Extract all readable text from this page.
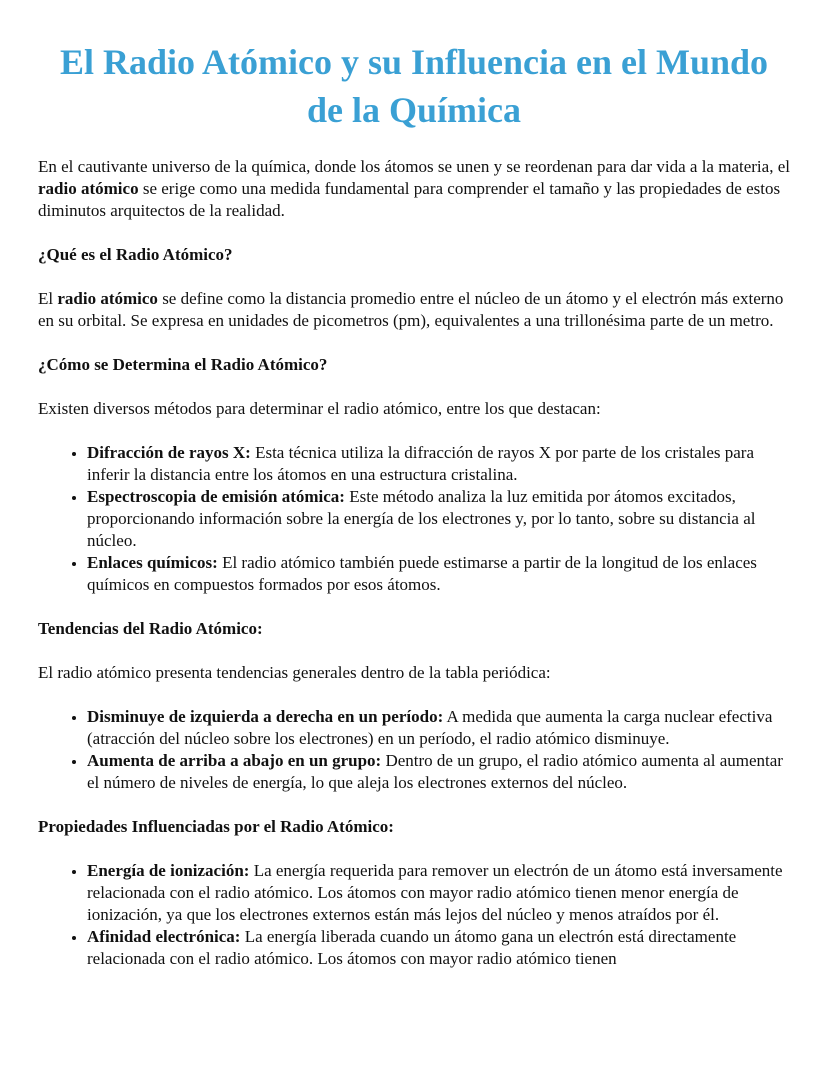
El Radio Atómico y su Influencia en el Mundo de la Química

En el cautivante universo de la química, donde los átomos se unen y se reordenan para dar vida a la materia, el radio atómico se erige como una medida fundamental para comprender el tamaño y las propiedades de estos diminutos arquitectos de la realidad.

¿Qué es el Radio Atómico?

El radio atómico se define como la distancia promedio entre el núcleo de un átomo y el electrón más externo en su orbital. Se expresa en unidades de picometros (pm), equivalentes a una trillonésima parte de un metro.

¿Cómo se Determina el Radio Atómico?

Existen diversos métodos para determinar el radio atómico, entre los que destacan:

• Difracción de rayos X: Esta técnica utiliza la difracción de rayos X por parte de los cristales para inferir la distancia entre los átomos en una estructura cristalina.
• Espectroscopia de emisión atómica: Este método analiza la luz emitida por átomos excitados, proporcionando información sobre la energía de los electrones y, por lo tanto, sobre su distancia al núcleo.
• Enlaces químicos: El radio atómico también puede estimarse a partir de la longitud de los enlaces químicos en compuestos formados por esos átomos.

Tendencias del Radio Atómico:

El radio atómico presenta tendencias generales dentro de la tabla periódica:

• Disminuye de izquierda a derecha en un período: A medida que aumenta la carga nuclear efectiva (atracción del núcleo sobre los electrones) en un período, el radio atómico disminuye.
• Aumenta de arriba a abajo en un grupo: Dentro de un grupo, el radio atómico aumenta al aumentar el número de niveles de energía, lo que aleja los electrones externos del núcleo.

Propiedades Influenciadas por el Radio Atómico:

• Energía de ionización: La energía requerida para remover un electrón de un átomo está inversamente relacionada con el radio atómico. Los átomos con mayor radio atómico tienen menor energía de ionización, ya que los electrones externos están más lejos del núcleo y menos atraídos por él.
• Afinidad electrónica: La energía liberada cuando un átomo gana un electrón está directamente relacionada con el radio atómico. Los átomos con mayor radio atómico tienen
